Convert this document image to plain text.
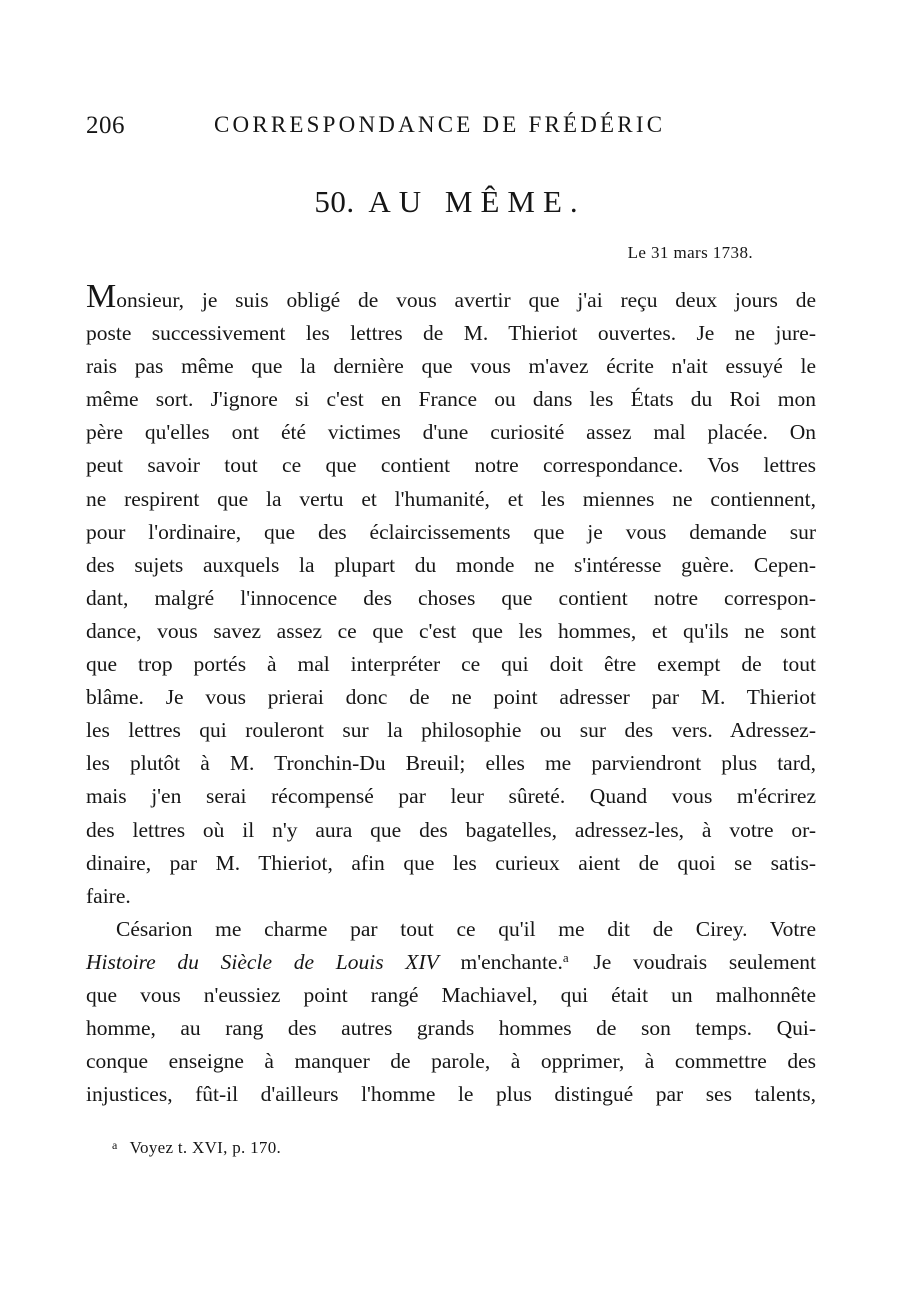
206	CORRESPONDANCE DE FRÉDÉRIC
50. AU MÊME.
Le 31 mars 1738.
Monsieur, je suis obligé de vous avertir que j'ai reçu deux jours de
poste successivement les lettres de M. Thieriot ouvertes. Je ne jure-
rais pas même que la dernière que vous m'avez écrite n'ait essuyé le
même sort. J'ignore si c'est en France ou dans les États du Roi mon
père qu'elles ont été victimes d'une curiosité assez mal placée. On
peut savoir tout ce que contient notre correspondance. Vos lettres
ne respirent que la vertu et l'humanité, et les miennes ne contiennent,
pour l'ordinaire, que des éclaircissements que je vous demande sur
des sujets auxquels la plupart du monde ne s'intéresse guère. Cepen-
dant, malgré l'innocence des choses que contient notre correspon-
dance, vous savez assez ce que c'est que les hommes, et qu'ils ne sont
que trop portés à mal interpréter ce qui doit être exempt de tout
blâme. Je vous prierai donc de ne point adresser par M. Thieriot
les lettres qui rouleront sur la philosophie ou sur des vers. Adressez-
les plutôt à M. Tronchin-Du Breuil; elles me parviendront plus tard,
mais j'en serai récompensé par leur sûreté. Quand vous m'écrirez
des lettres où il n'y aura que des bagatelles, adressez-les, à votre or-
dinaire, par M. Thieriot, afin que les curieux aient de quoi se satis-
faire.
Césarion me charme par tout ce qu'il me dit de Cirey. Votre
Histoire du Siècle de Louis XIV m'enchante.$^a$ Je voudrais seulement
que vous n'eussiez point rangé Machiavel, qui était un malhonnête
homme, au rang des autres grands hommes de son temps. Qui-
conque enseigne à manquer de parole, à opprimer, à commettre des
injustices, fût-il d'ailleurs l'homme le plus distingué par ses talents,
$^a$ Voyez t. XVI, p. 170.
